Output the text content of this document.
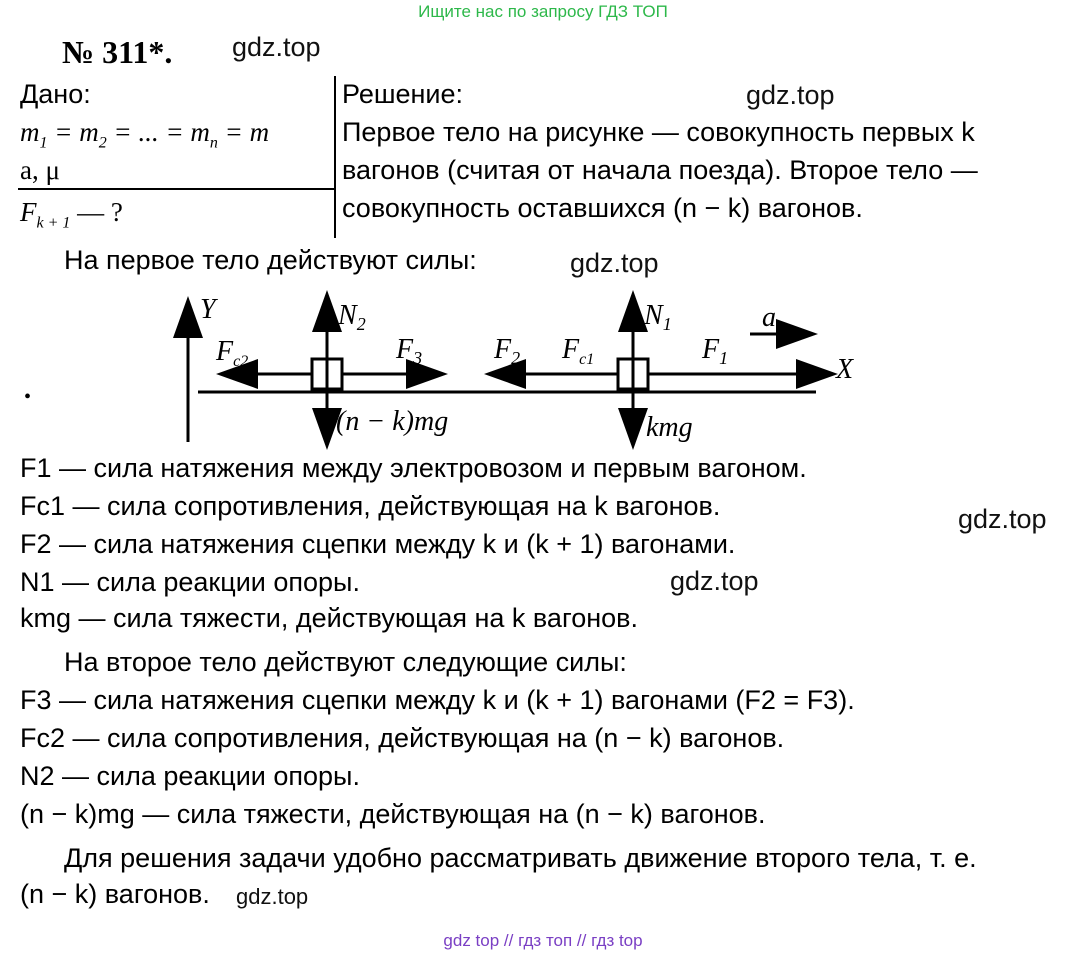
Ищите нас по запросу ГДЗ ТОП
№ 311*. gdz.top
gdz.top
gdz.top
gdz.top
gdz.top
Дано:
$m_1 = m_2$ = ... = $m_n = m$
a, μ
$F_{k + 1}$ — ?
Решение:
Первое тело на рисунке — совокупность первых k
вагонов (считая от начала поезда). Второе тело —
совокупность оставшихся (n − k) вагонов.
На первое тело действуют силы:
Y
X
$F_{c2}$
$N_2$
$F_3$
(n − k)mg
$F_2$ $F_{c1}$
$N_1$
$F_1$
kmg
a
•
F1 — сила натяжения между электровозом и первым вагоном.
Fc1 — сила сопротивления, действующая на k вагонов.
F2 — сила натяжения сцепки между k и (k + 1) вагонами.
N1 — сила реакции опоры.
kmg — сила тяжести, действующая на k вагонов.
На второе тело действуют следующие силы:
F3 — сила натяжения сцепки между k и (k + 1) вагонами (F2 = F3).
Fc2 — сила сопротивления, действующая на (n − k) вагонов.
N2 — сила реакции опоры.
(n − k)mg — сила тяжести, действующая на (n − k) вагонов.
Для решения задачи удобно рассматривать движение второго тела, т. е.
(n − k) вагонов. gdz.top
gdz top // гдз топ // гдз top
